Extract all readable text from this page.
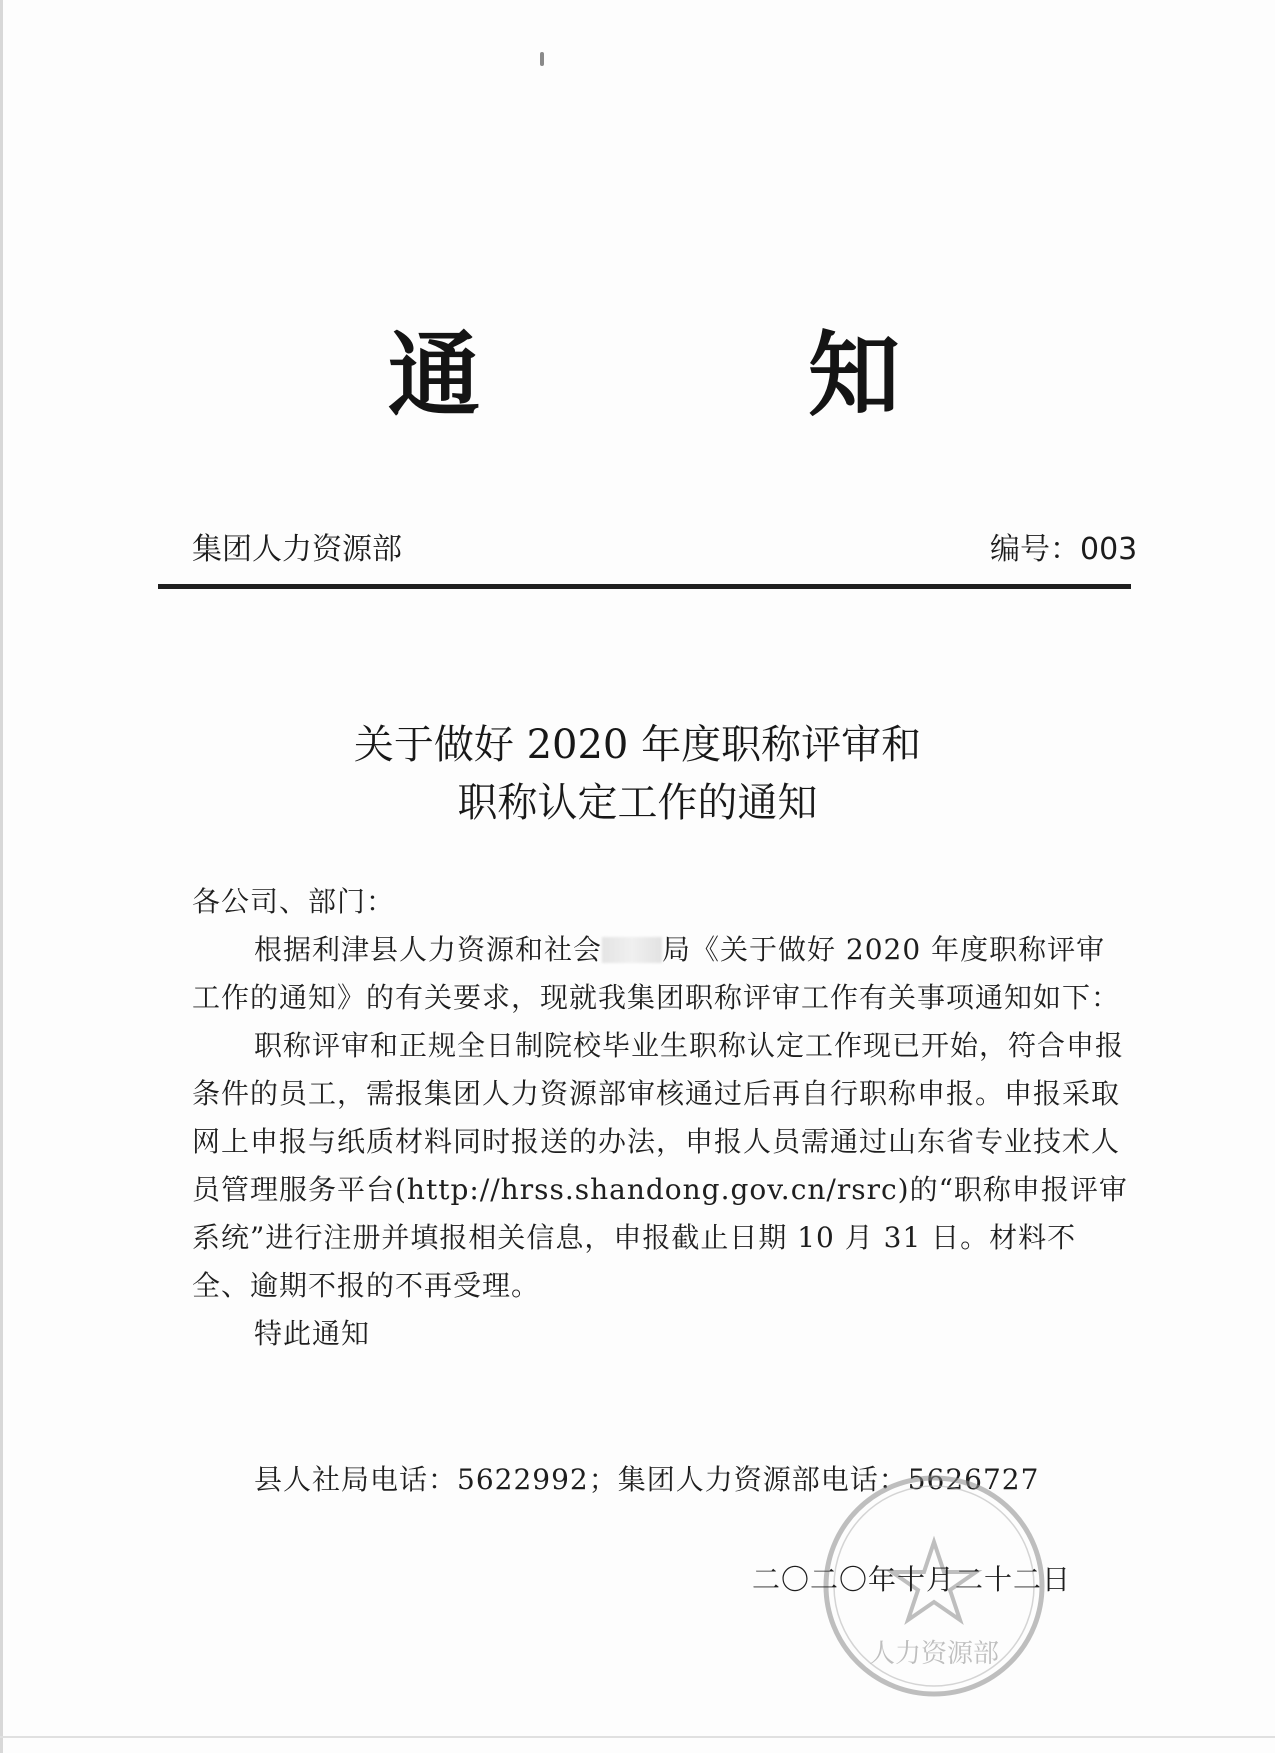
通	知
集团人力资源部	编号：003
关于做好 2020 年度职称评审和
职称认定工作的通知

各公司、部门：

根据利津县人力资源和社会 局《关于做好 2020 年度职称评审工作的通知》的有关要求，现就我集团职称评审工作有关事项通知如下：

职称评审和正规全日制院校毕业生职称认定工作现已开始，符合申报条件的员工，需报集团人力资源部审核通过后再自行职称申报。申报采取网上申报与纸质材料同时报送的办法，申报人员需通过山东省专业技术人员管理服务平台(http://hrss.shandong.gov.cn/rsrc)的“职称申报评审系统”进行注册并填报相关信息，申报截止日期 10 月 31 日。材料不全、逾期不报的不再受理。

特此通知

县人社局电话：5622992；集团人力资源部电话：5626727
人力资源部
二〇二〇年十月二十二日
